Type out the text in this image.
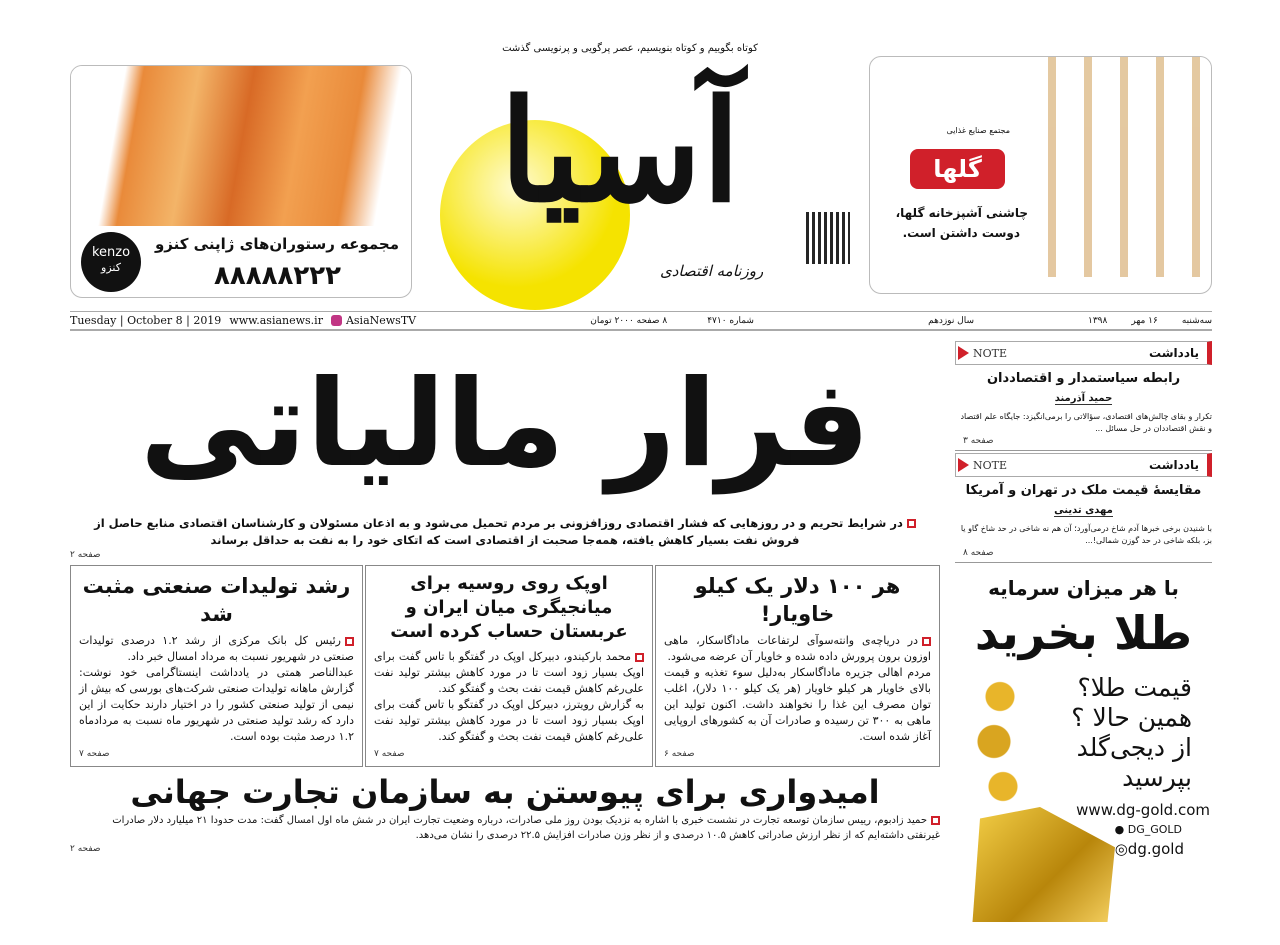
کوتاه بگوییم و کوتاه بنویسیم، عصر پرگویی و پرنویسی گذشت
آسیا
روزنامه اقتصادی
kenzo
کنزو
مجموعه رستوران‌های ژاپنی کنزو
۸۸۸۸۸۲۲۲
مجتمع صنایع غذایی
گلها
چاشنی آشپزخانه گلها،
دوست داشتن است.
Tuesday | October 8 | 2019 www.asianews.ir AsiaNewsTV	شماره ۴۷۱۰
۸ صفحه ۲۰۰۰ تومان	سه‌شنبه
۱۶ مهر
۱۳۹۸
سال نوزدهم
فرار مالیاتی
در شرایط تحریم و در روزهایی که فشار اقتصادی روزافزونی بر مردم تحمیل می‌شود و به اذعان مسئولان و کارشناسان اقتصادی منابع حاصل از فروش نفت بسیار کاهش یافته، همه‌جا صحبت از اقتصادی است که اتکای خود را به نفت به حداقل برساند
صفحه ۲
رشد تولیدات صنعتی مثبت شد

رئیس کل بانک مرکزی از رشد ۱.۲ درصدی تولیدات صنعتی در شهریور نسبت به مرداد امسال خبر داد.
عبدالناصر همتی در یادداشت اینستاگرامی خود نوشت: گزارش ماهانه تولیدات صنعتی شرکت‌های بورسی که بیش از نیمی از تولید صنعتی کشور را در اختیار دارند حکایت از این دارد که رشد تولید صنعتی در شهریور ماه نسبت به مردادماه ۱.۲ درصد مثبت بوده است.

صفحه ۷
اوپک روی روسیه برای میانجیگری میان ایران و عربستان حساب کرده است

محمد بارکیندو، دبیرکل اوپک در گفتگو با تاس گفت برای اوپک بسیار زود است تا در مورد کاهش بیشتر تولید نفت علی‌رغم کاهش قیمت نفت بحث و گفتگو کند.
به گزارش رویترز، دبیرکل اوپک در گفتگو با تاس گفت برای اوپک بسیار زود است تا در مورد کاهش بیشتر تولید نفت علی‌رغم کاهش قیمت نفت بحث و گفتگو کند.

صفحه ۷
هر ۱۰۰ دلار یک کیلو خاویار!

در دریاچه‌ی وانته‌سوآی لرتفاعات ماداگاسکار، ماهی اوزون برون پرورش داده شده و خاویار آن عرضه می‌شود.
مردم اهالی جزیره ماداگاسکار به‌دلیل سوء تغذیه و قیمت بالای خاویار هر کیلو خاویار (هر یک کیلو ۱۰۰ دلار)، اغلب توان مصرف این غذا را نخواهند داشت. اکنون تولید این ماهی به ۳۰۰ تن رسیده و صادرات آن به کشورهای اروپایی آغاز شده است.

صفحه ۶
امیدواری برای پیوستن به سازمان تجارت جهانی
حمید زادبوم، رییس سازمان توسعه تجارت در نشست خبری با اشاره به نزدیک بودن روز ملی صادرات، درباره وضعیت تجارت ایران در شش ماه اول امسال گفت: مدت حدودا ۲۱ میلیارد دلار صادرات غیرنفتی داشته‌ایم که از نظر ارزش صادراتی کاهش ۱۰.۵ درصدی و از نظر وزن صادرات افزایش ۲۲.۵ درصدی را نشان می‌دهد.
صفحه ۲
یادداشت
NOTE
رابطه سیاستمدار و اقتصاددان
حمید آذرمند
تکرار و بقای چالش‌های اقتصادی، سؤالاتی را برمی‌انگیزد: جایگاه علم اقتصاد و نقش اقتصاددان در حل مسائل ...
صفحه ۳
یادداشت
NOTE
مقایسهٔ قیمت ملک در تهران و آمریکا
مهدی تدینی
با شنیدن برخی خبرها آدم شاخ درمی‌آورد؛ آن هم نه شاخی در حد شاخ گاو یا بز، بلکه شاخی در حد گوزن شمالی!...
صفحه ۸
با هر میزان سرمایه
طلا بخرید
قیمت طلا؟
همین حالا ؟
از دیجی‌گلد
بپرسید
www.dg-gold.com
● DG_GOLD
◎dg.gold
